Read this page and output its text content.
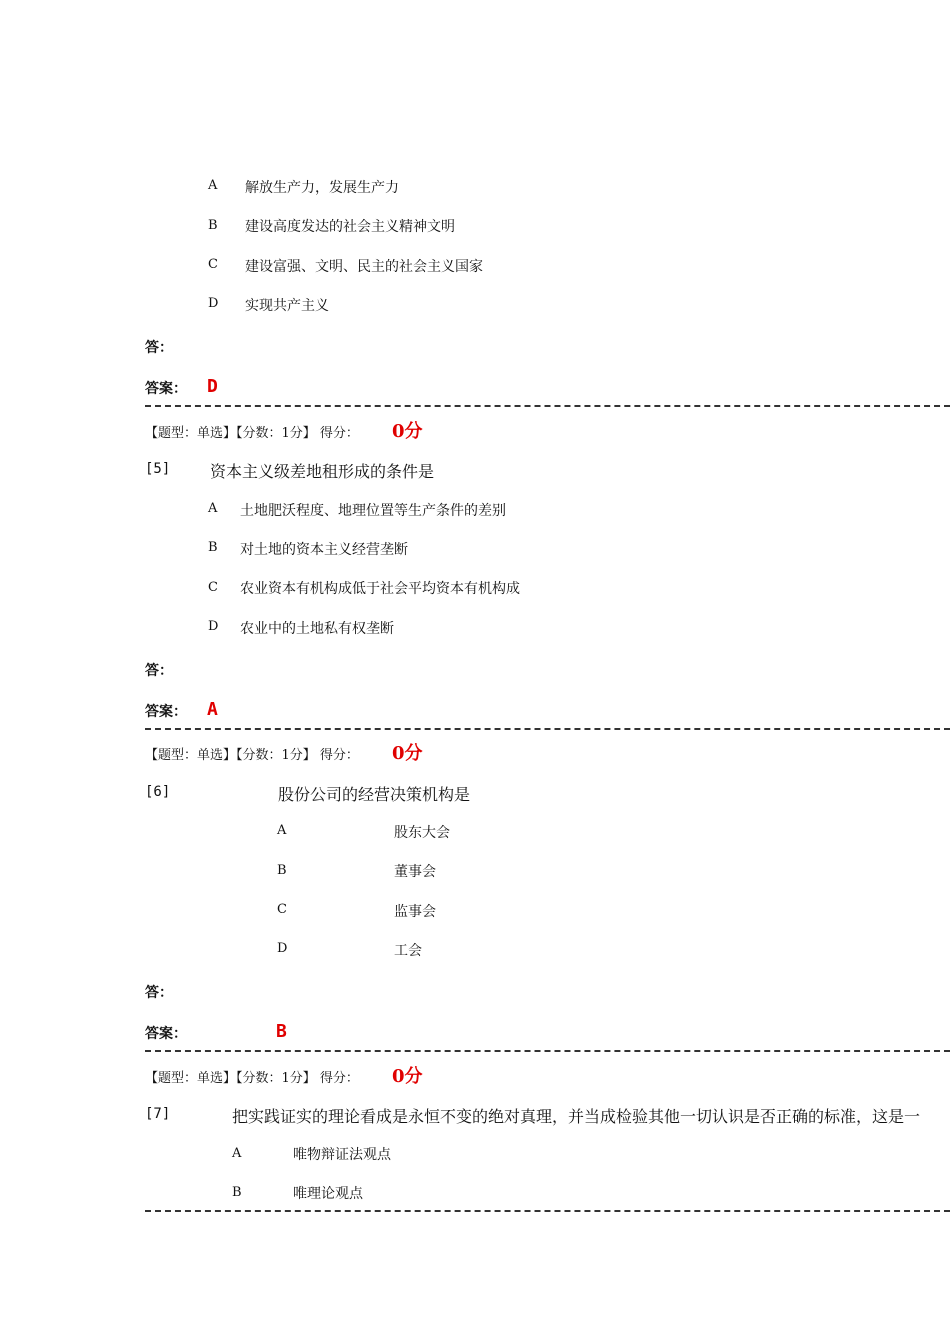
A 解放生产力，发展生产力
B 建设高度发达的社会主义精神文明
C 建设富强、文明、民主的社会主义国家
D 实现共产主义
答：
答案： D
【题型：单选】【分数：1分】 得分： 0分
[5] 资本主义级差地租形成的条件是
A 土地肥沃程度、地理位置等生产条件的差别
B 对土地的资本主义经营垄断
C 农业资本有机构成低于社会平均资本有机构成
D 农业中的土地私有权垄断
答：
答案： A
【题型：单选】【分数：1分】 得分： 0分
[6]	股份公司的经营决策机构是
A	股东大会
B	董事会
C	监事会
D	工会
答：
答案：	B
【题型：单选】【分数：1分】 得分： 0分
[7]	把实践证实的理论看成是永恒不变的绝对真理，并当成检验其他一切认识是否正确的标准，这是一
A	唯物辩证法观点
B	唯理论观点
